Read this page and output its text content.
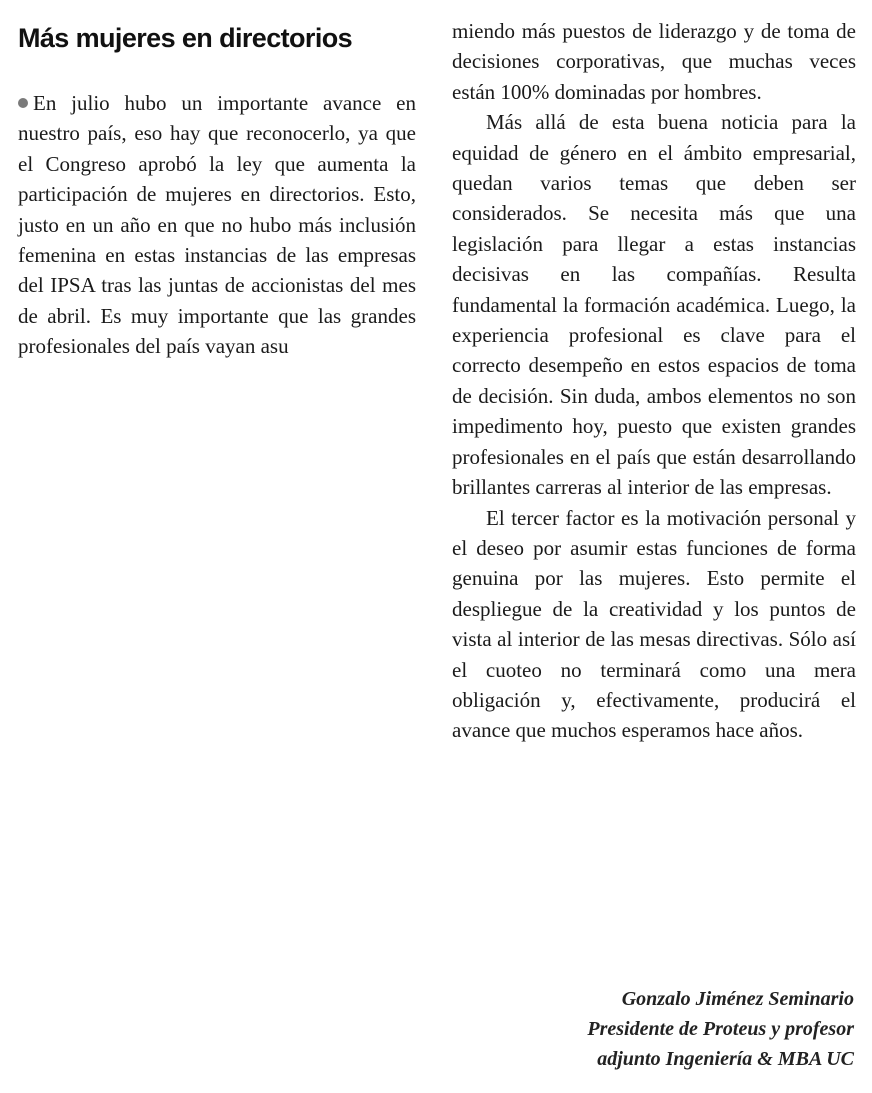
Más mujeres en directorios

En julio hubo un importante avance en nuestro país, eso hay que reconocerlo, ya que el Congreso aprobó la ley que aumenta la participación de mujeres en directorios. Esto, justo en un año en que no hubo más inclusión femenina en estas instancias de las empresas del IPSA tras las juntas de accionistas del mes de abril. Es muy importante que las grandes profesionales del país vayan asu

miendo más puestos de liderazgo y de toma de decisiones corporativas, que muchas veces están 100% dominadas por hombres.

Más allá de esta buena noticia para la equidad de género en el ámbito empresarial, quedan varios temas que deben ser considerados. Se necesita más que una legislación para llegar a estas instancias decisivas en las compañías. Resulta fundamental la formación académica. Luego, la experiencia profesional es clave para el correcto desempeño en estos espacios de toma de decisión. Sin duda, ambos elementos no son impedimento hoy, puesto que existen grandes profesionales en el país que están desarrollando brillantes carreras al interior de las empresas.

El tercer factor es la motivación personal y el deseo por asumir estas funciones de forma genuina por las mujeres. Esto permite el despliegue de la creatividad y los puntos de vista al interior de las mesas directivas. Sólo así el cuoteo no terminará como una mera obligación y, efectivamente, producirá el avance que muchos esperamos hace años.

Gonzalo Jiménez Seminario
Presidente de Proteus y profesor
adjunto Ingeniería & MBA UC
